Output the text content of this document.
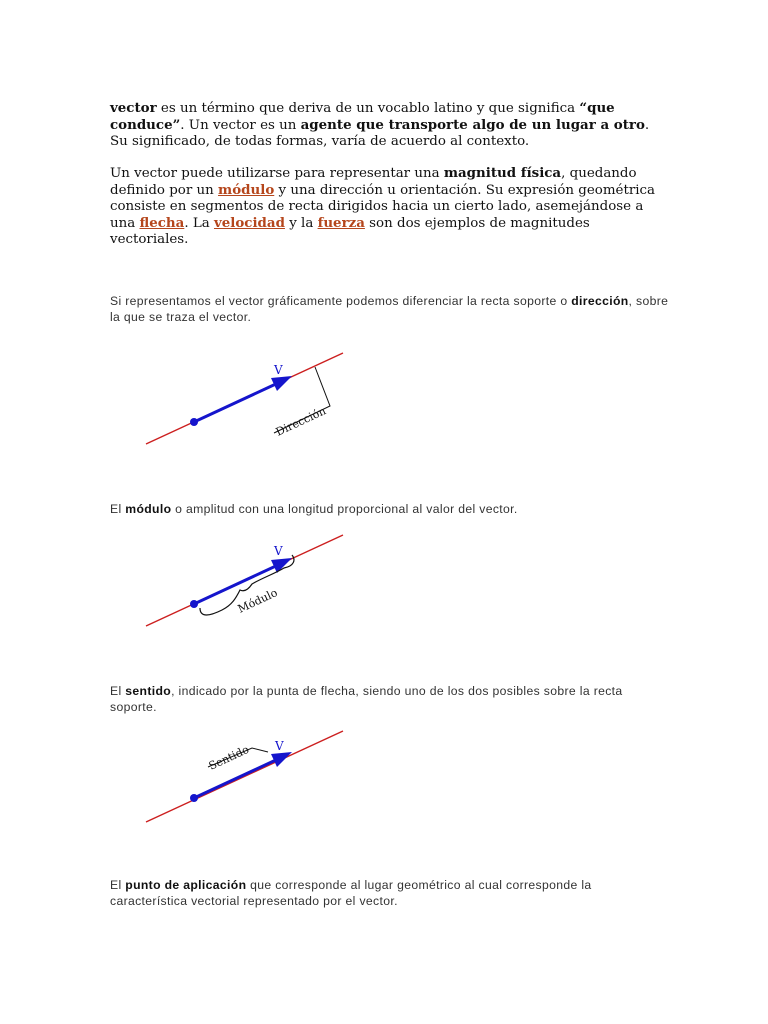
vector es un término que deriva de un vocablo latino y que significa “que conduce”. Un vector es un agente que transporte algo de un lugar a otro. Su significado, de todas formas, varía de acuerdo al contexto.
Un vector puede utilizarse para representar una magnitud física, quedando definido por un módulo y una dirección u orientación. Su expresión geométrica consiste en segmentos de recta dirigidos hacia un cierto lado, asemejándose a una flecha. La velocidad y la fuerza son dos ejemplos de magnitudes vectoriales.
Si representamos el vector gráficamente podemos diferenciar la recta soporte o dirección, sobre la que se traza el vector.
V
Dirección
El módulo o amplitud con una longitud proporcional al valor del vector.
V
Módulo
El sentido, indicado por la punta de flecha, siendo uno de los dos posibles sobre la recta soporte.
V
Sentido
El punto de aplicación que corresponde al lugar geométrico al cual corresponde la característica vectorial representado por el vector.
